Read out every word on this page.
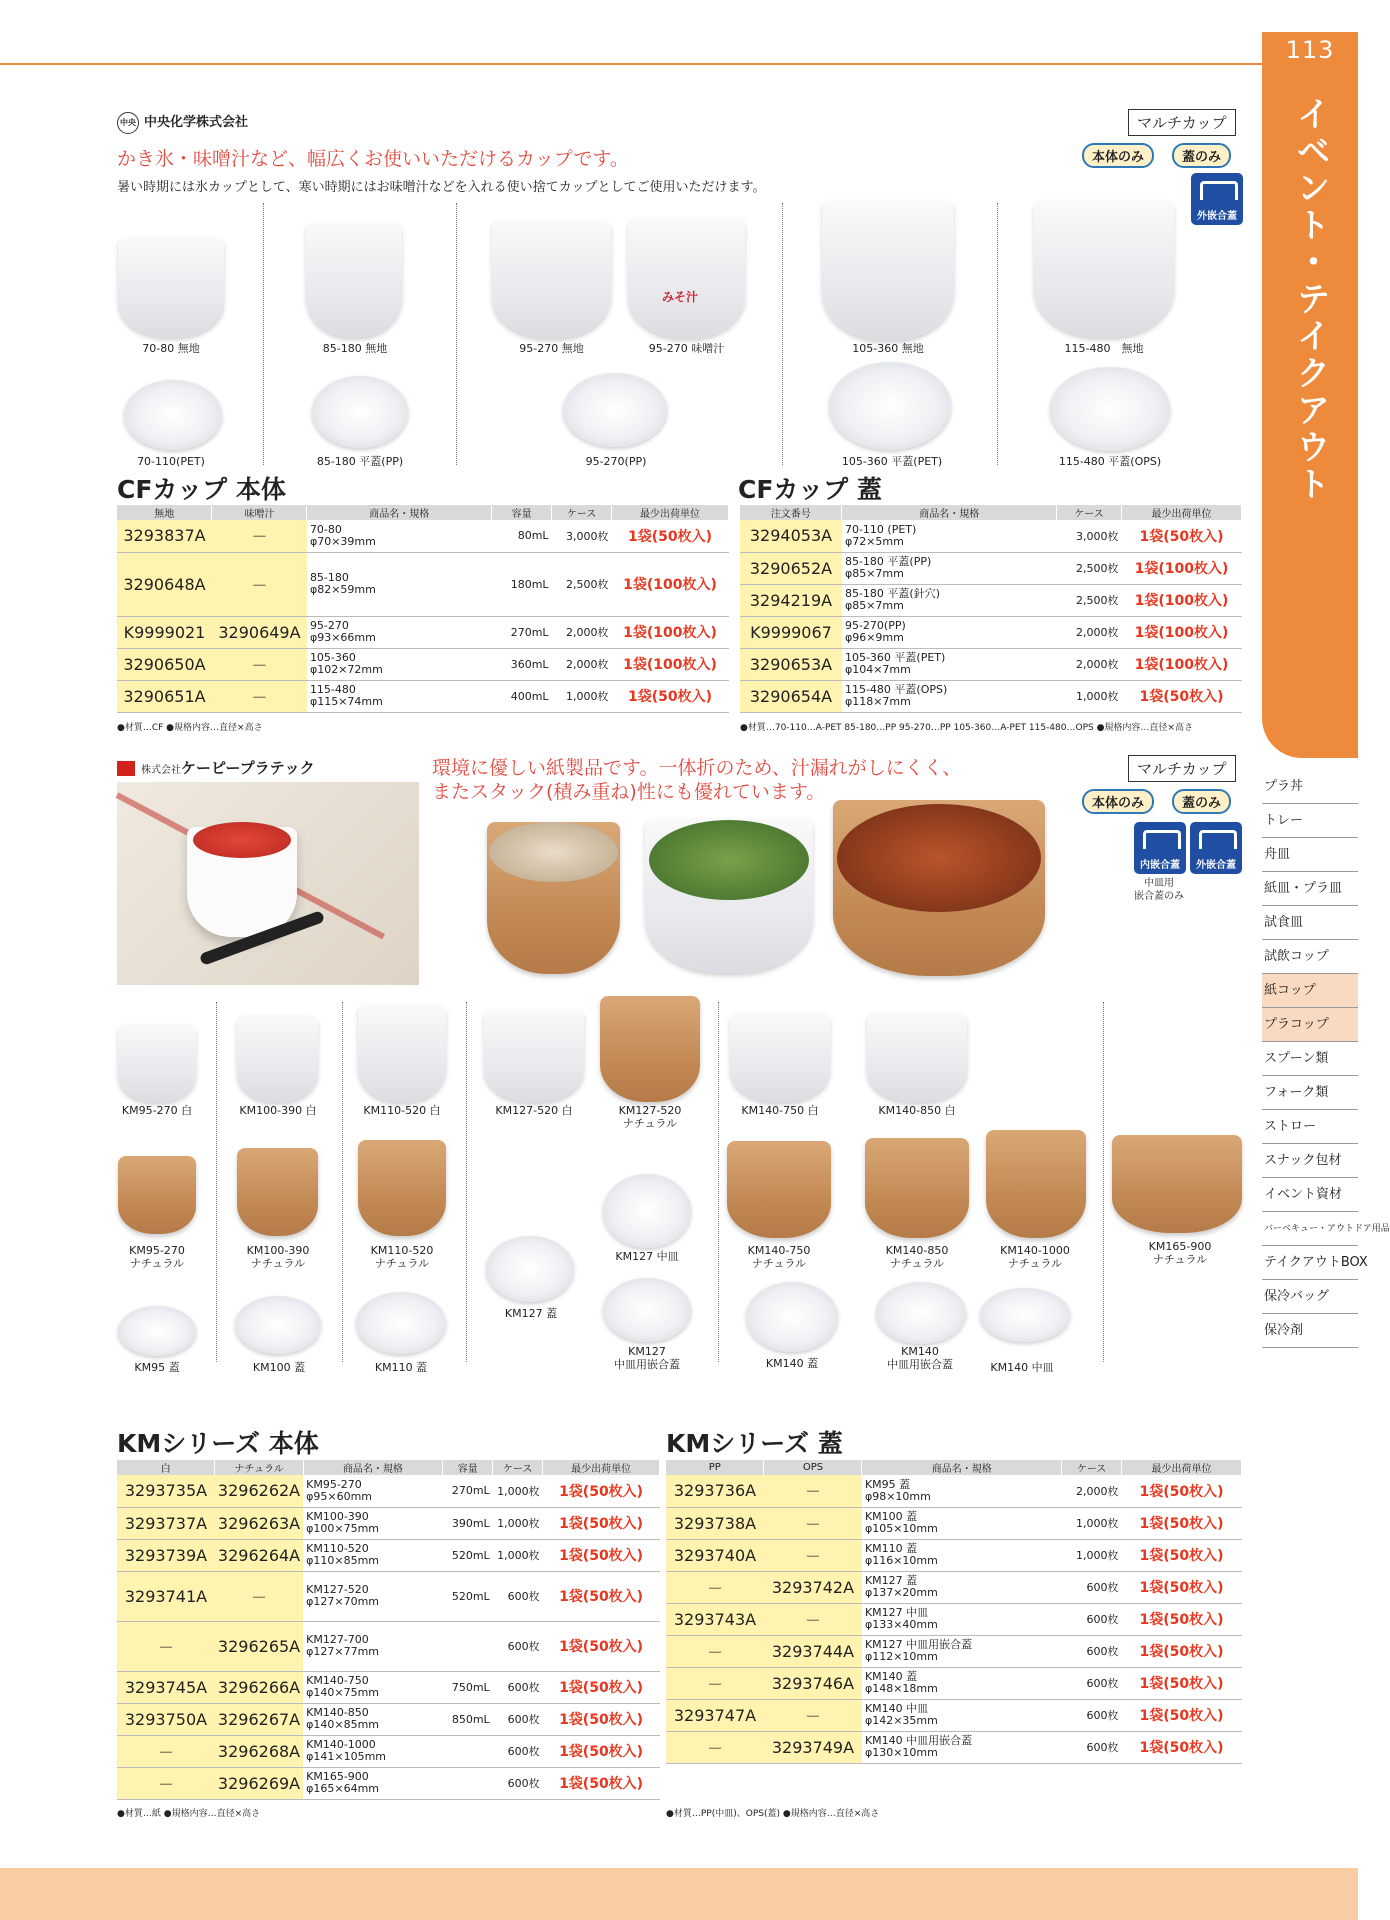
113
イベント・テイクアウト
プラ丼
トレー
舟皿
紙皿・プラ皿
試食皿
試飲コップ
紙コップ
プラコップ
スプーン類
フォーク類
ストロー
スナック包材
イベント資材
バーベキュー・アウトドア用品
テイクアウトBOX
保冷バッグ
保冷剤
中央 中央化学株式会社
かき氷・味噌汁など、幅広くお使いいただけるカップです。
暑い時期には氷カップとして、寒い時期にはお味噌汁などを入れる使い捨てカップとしてご使用いただけます。
マルチカップ
本体のみ	蓋のみ
外嵌合蓋
みそ汁
70-80 無地	85-180 無地	95-270 無地	95-270 味噌汁	105-360 無地	115-480　無地
70-110(PET)	85-180 平蓋(PP)	95-270(PP)	105-360 平蓋(PET)	115-480 平蓋(OPS)
CFカップ 本体	CFカップ 蓋
無地	味噌汁	商品名・規格	容量	ケース	最少出荷単位
3293837A	－	70-80
φ70×39mm	80mL	3,000枚	1袋(50枚入)
3290648A	－	85-180
φ82×59mm	180mL	2,500枚	1袋(100枚入)
K9999021	3290649A	95-270
φ93×66mm	270mL	2,000枚	1袋(100枚入)
3290650A	－	105-360
φ102×72mm	360mL	2,000枚	1袋(100枚入)
3290651A	－	115-480
φ115×74mm	400mL	1,000枚	1袋(50枚入)
注文番号	商品名・規格	ケース	最少出荷単位
3294053A	70-110 (PET)
φ72×5mm	3,000枚	1袋(50枚入)
3290652A	85-180 平蓋(PP)
φ85×7mm	2,500枚	1袋(100枚入)
3294219A	85-180 平蓋(針穴)
φ85×7mm	2,500枚	1袋(100枚入)
K9999067	95-270(PP)
φ96×9mm	2,000枚	1袋(100枚入)
3290653A	105-360 平蓋(PET)
φ104×7mm	2,000枚	1袋(100枚入)
3290654A	115-480 平蓋(OPS)
φ118×7mm	1,000枚	1袋(50枚入)
●材質…CF ●規格内容…直径×高さ	●材質…70-110…A-PET 85-180…PP 95-270…PP 105-360…A-PET 115-480…OPS ●規格内容…直径×高さ
株式会社ケーピープラテック	環境に優しい紙製品です。一体折のため、汁漏れがしにくく、
またスタック(積み重ね)性にも優れています。
マルチカップ
本体のみ	蓋のみ
内嵌合蓋	外嵌合蓋
中皿用
嵌合蓋のみ
KM95-270 白	KM100-390 白	KM110-520 白	KM127-520 白	KM127-520
ナチュラル
KM140-750 白	KM140-850 白
KM95-270
ナチュラル
KM100-390
ナチュラル
KM110-520
ナチュラル
KM127 中皿	KM140-750
ナチュラル
KM140-850
ナチュラル
KM140-1000
ナチュラル
KM165-900
ナチュラル
KM95 蓋	KM100 蓋	KM110 蓋
KM127 蓋
KM127
中皿用嵌合蓋	KM140 蓋
KM140
中皿用嵌合蓋	KM140 中皿
KMシリーズ 本体	KMシリーズ 蓋
白	ナチュラル	商品名・規格	容量	ケース	最少出荷単位
3293735A	3296262A	KM95-270
φ95×60mm	270mL	1,000枚	1袋(50枚入)
3293737A	3296263A	KM100-390
φ100×75mm	390mL	1,000枚	1袋(50枚入)
3293739A	3296264A	KM110-520
φ110×85mm	520mL	1,000枚	1袋(50枚入)
3293741A	－	KM127-520
φ127×70mm	520mL	600枚	1袋(50枚入)
－	3296265A	KM127-700
φ127×77mm		600枚	1袋(50枚入)
3293745A	3296266A	KM140-750
φ140×75mm	750mL	600枚	1袋(50枚入)
3293750A	3296267A	KM140-850
φ140×85mm	850mL	600枚	1袋(50枚入)
－	3296268A	KM140-1000
φ141×105mm		600枚	1袋(50枚入)
－	3296269A	KM165-900
φ165×64mm		600枚	1袋(50枚入)
PP	OPS	商品名・規格	ケース	最少出荷単位
3293736A	－	KM95 蓋
φ98×10mm	2,000枚	1袋(50枚入)
3293738A	－	KM100 蓋
φ105×10mm	1,000枚	1袋(50枚入)
3293740A	－	KM110 蓋
φ116×10mm	1,000枚	1袋(50枚入)
－	3293742A	KM127 蓋
φ137×20mm	600枚	1袋(50枚入)
3293743A	－	KM127 中皿
φ133×40mm	600枚	1袋(50枚入)
－	3293744A	KM127 中皿用嵌合蓋
φ112×10mm	600枚	1袋(50枚入)
－	3293746A	KM140 蓋
φ148×18mm	600枚	1袋(50枚入)
3293747A	－	KM140 中皿
φ142×35mm	600枚	1袋(50枚入)
－	3293749A	KM140 中皿用嵌合蓋
φ130×10mm	600枚	1袋(50枚入)
●材質…紙 ●規格内容…直径×高さ	●材質…PP(中皿)、OPS(蓋) ●規格内容…直径×高さ
